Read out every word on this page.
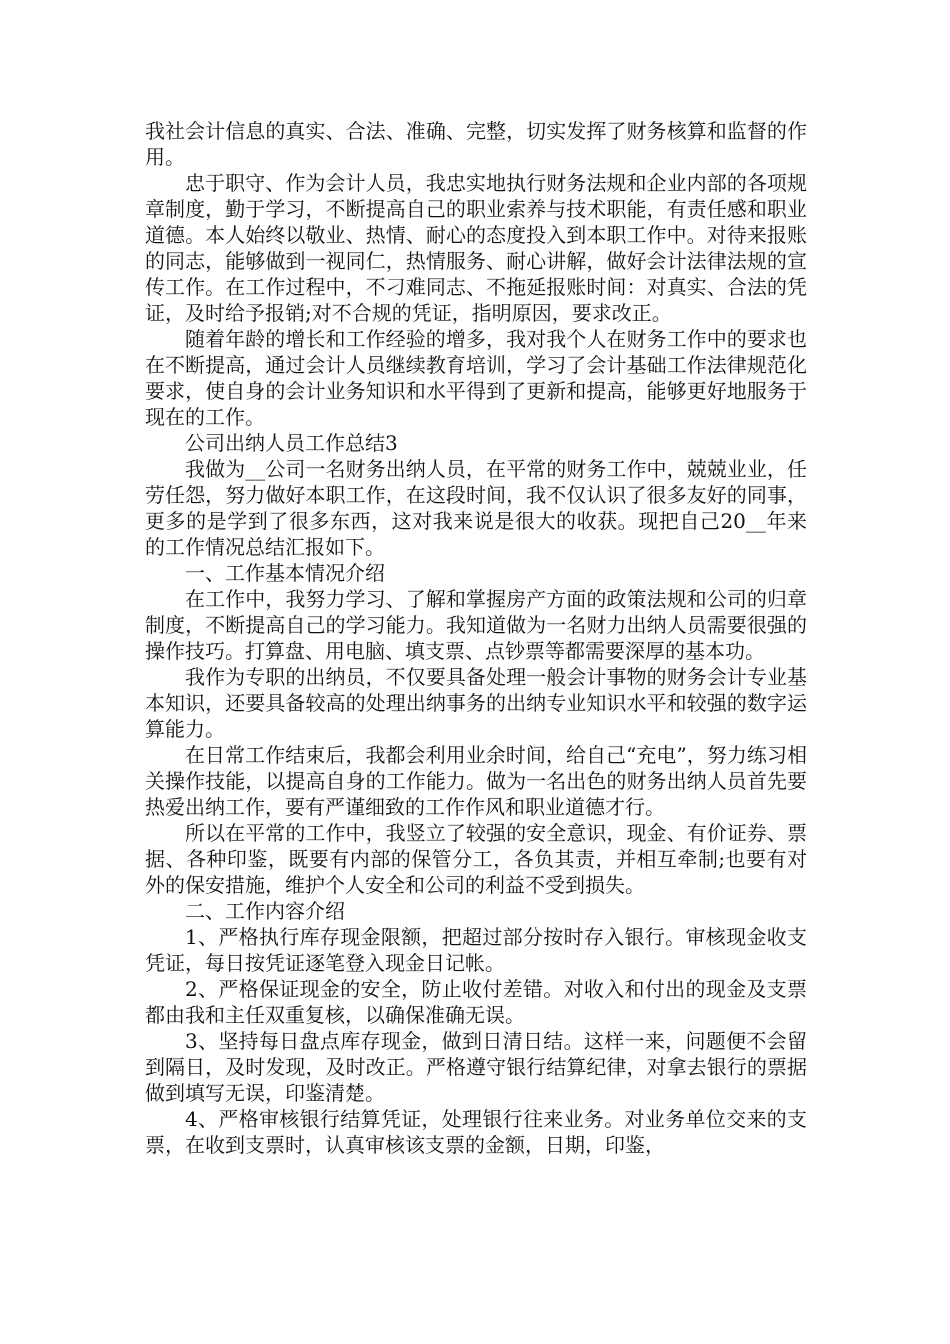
我社会计信息的真实、合法、准确、完整，切实发挥了财务核算和监督的作用。

忠于职守、作为会计人员，我忠实地执行财务法规和企业内部的各项规章制度，勤于学习，不断提高自己的职业索养与技术职能，有责任感和职业道德。本人始终以敬业、热情、耐心的态度投入到本职工作中。对待来报账的同志，能够做到一视同仁，热情服务、耐心讲解，做好会计法律法规的宣传工作。在工作过程中，不刁难同志、不拖延报账时间：对真实、合法的凭证，及时给予报销;对不合规的凭证，指明原因，要求改正。

随着年龄的增长和工作经验的增多，我对我个人在财务工作中的要求也在不断提高，通过会计人员继续教育培训，学习了会计基础工作法律规范化要求，使自身的会计业务知识和水平得到了更新和提高，能够更好地服务于现在的工作。

公司出纳人员工作总结3

我做为__公司一名财务出纳人员，在平常的财务工作中，兢兢业业，任劳任怨，努力做好本职工作，在这段时间，我不仅认识了很多友好的同事，更多的是学到了很多东西，这对我来说是很大的收获。现把自己20__年来的工作情况总结汇报如下。

一、工作基本情况介绍

在工作中，我努力学习、了解和掌握房产方面的政策法规和公司的归章制度，不断提高自己的学习能力。我知道做为一名财力出纳人员需要很强的操作技巧。打算盘、用电脑、填支票、点钞票等都需要深厚的基本功。

我作为专职的出纳员，不仅要具备处理一般会计事物的财务会计专业基本知识，还要具备较高的处理出纳事务的出纳专业知识水平和较强的数字运算能力。

在日常工作结束后，我都会利用业余时间，给自己“充电”，努力练习相关操作技能，以提高自身的工作能力。做为一名出色的财务出纳人员首先要热爱出纳工作，要有严谨细致的工作作风和职业道德才行。

所以在平常的工作中，我竖立了较强的安全意识，现金、有价证券、票据、各种印鉴，既要有内部的保管分工，各负其责，并相互牵制;也要有对外的保安措施，维护个人安全和公司的利益不受到损失。

二、工作内容介绍

1、严格执行库存现金限额，把超过部分按时存入银行。审核现金收支凭证，每日按凭证逐笔登入现金日记帐。

2、严格保证现金的安全，防止收付差错。对收入和付出的现金及支票都由我和主任双重复核，以确保准确无误。

3、坚持每日盘点库存现金，做到日清日结。这样一来，问题便不会留到隔日，及时发现，及时改正。严格遵守银行结算纪律，对拿去银行的票据做到填写无误，印鉴清楚。

4、严格审核银行结算凭证，处理银行往来业务。对业务单位交来的支票，在收到支票时，认真审核该支票的金额，日期，印鉴，
